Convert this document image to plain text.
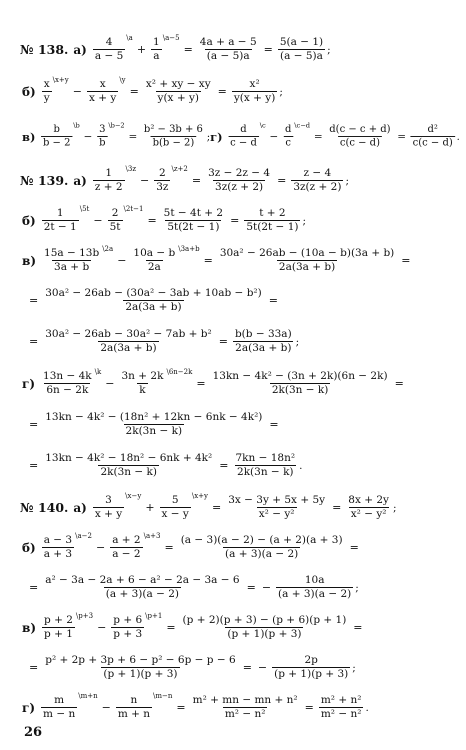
№ 138. $а) \frac{4}{a - 5}$ \a
+ $\frac{1}{a}$ \a−5
= $\frac{4a + a - 5}{(a - 5)a} = \frac{5(a - 1)}{(a - 5)a}$ ;
$б) \frac{x}{y}$ \x+y
− $\frac{x}{x + y}$ \y
= $\frac{\text{x² + xy − xy}}{y(x + y)} = \frac{\text{x²}}{y(x + y)}$ ;
$в) \frac{b}{b - 2}$ \b
− $\frac{3}{b}$ \b−2
= $\frac{\text{b² − 3b + 6}}{b(b - 2)}$ ; $г) \frac{d}{c - d}$ \c
− $\frac{d}{c}$ \c−d
= $\frac{d(c - c + d)}{c(c - d)} = \frac{\text{d²}}{c(c - d)}$ .
№ 139. $а) \frac{1}{z + 2}$ \3z
− $\frac{2}{3z}$ \z+2
= $\frac{3z - 2z - 4}{3z(z + 2)} = \frac{z - 4}{3z(z + 2)}$ ;
$б) \frac{1}{2t - 1}$ \5t
− $\frac{2}{5t}$ \2t−1
= $\frac{5t - 4t + 2}{5t(2t - 1)} = \frac{t + 2}{5t(2t - 1)}$ ;
$в) \frac{15a - 13b}{3a + b}$ \2a
− $\frac{10a - b}{2a}$ \3a+b
= $\frac{\text{30a² − 26ab − (10a − b)(3a + b)}}{2a(3a + b)}$ =
= $\frac{\text{30a² − 26ab − (30a² − 3ab + 10ab − b²)}}{2a(3a + b)}$ =
= $\frac{\text{30a² − 26ab − 30a² − 7ab + b²}}{2a(3a + b)} = \frac{b(b - 33a)}{2a(3a + b)}$ ;
$г) \frac{13n - 4k}{6n - 2k}$ \k
− $\frac{3n + 2k}{k}$ \6n−2k
= $\frac{\text{13kn − 4k² − (3n + 2k)(6n − 2k)}}{2k(3n - k)}$ =
= $\frac{\text{13kn − 4k² − (18n² + 12kn − 6nk − 4k²)}}{2k(3n - k)}$ =
= $\frac{\text{13kn − 4k² − 18n² − 6nk + 4k²}}{2k(3n - k)} = \frac{\text{7kn − 18n²}}{2k(3n - k)}$ .
№ 140. $а) \frac{3}{x + y}$ \x−y
+ $\frac{5}{x - y}$ \x+y
= $\frac{3x - 3y + 5x + 5y}{\text{x² − y²}} = \frac{8x + 2y}{\text{x² − y²}}$ ;
$б) \frac{a - 3}{a + 3}$ \a−2
− $\frac{a + 2}{a - 2}$ \a+3
= $\frac{(a - 3)(a - 2) - (a + 2)(a + 3)}{(a + 3)(a - 2)}$ =
= $\frac{\text{a² − 3a − 2a + 6 − a² − 2a − 3a − 6}}{(a + 3)(a - 2)}$ = − $\frac{10a}{(a + 3)(a - 2)}$ ;
$в) \frac{p + 2}{p + 1}$ \p+3
− $\frac{p + 6}{p + 3}$ \p+1
= $\frac{(p + 2)(p + 3) - (p + 6)(p + 1)}{(p + 1)(p + 3)}$ =
= $\frac{\text{p² + 2p + 3p + 6 − p² − 6p − p − 6}}{(p + 1)(p + 3)}$ = − $\frac{2p}{(p + 1)(p + 3)}$ ;
$г) \frac{m}{m - n}$ \m+n
− $\frac{n}{m + n}$ \m−n
= $\frac{\text{m² + mn − mn + n²}}{\text{m² − n²}} = \frac{\text{m² + n²}}{\text{m² − n²}}$ .
26
